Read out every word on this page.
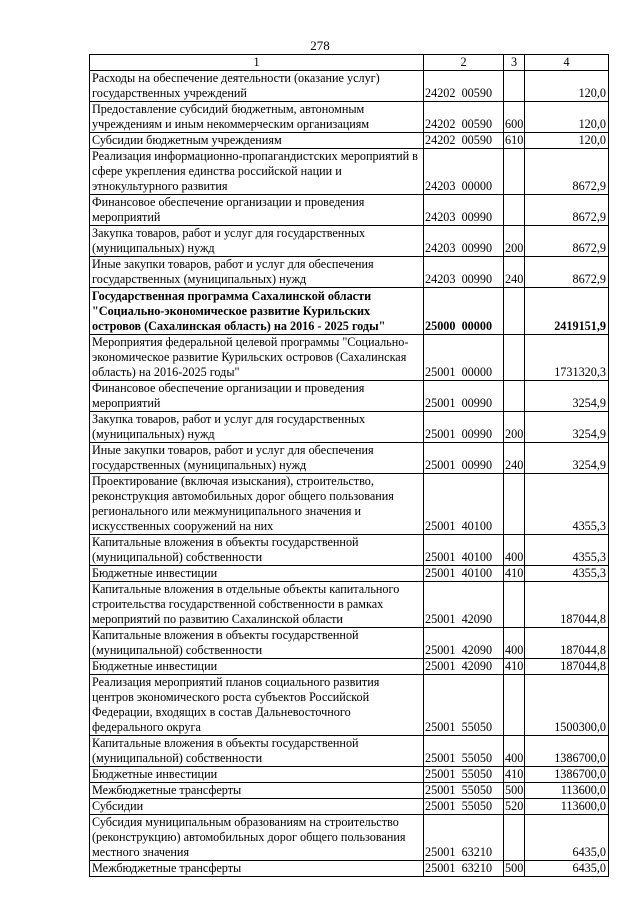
278
1	2	3	4
Расходы на обеспечение деятельности (оказание услуг) государственных учреждений	24202  00590		120,0
Предоставление субсидий бюджетным, автономным учреждениям и иным некоммерческим организациям	24202  00590	600	120,0
Субсидии бюджетным учреждениям	24202  00590	610	120,0
Реализация информационно-пропагандистских мероприятий в сфере укрепления единства российской нации и этнокультурного развития	24203  00000		8672,9
Финансовое обеспечение организации и проведения мероприятий	24203  00990		8672,9
Закупка товаров, работ и услуг для государственных (муниципальных) нужд	24203  00990	200	8672,9
Иные закупки товаров, работ и услуг для обеспечения государственных (муниципальных) нужд	24203  00990	240	8672,9
Государственная программа Сахалинской области "Социально-экономическое развитие Курильских островов (Сахалинская область) на 2016 - 2025 годы"	25000  00000		2419151,9
Мероприятия федеральной целевой программы "Социально-экономическое развитие Курильских островов (Сахалинская область) на 2016-2025 годы"	25001  00000		1731320,3
Финансовое обеспечение организации и проведения мероприятий	25001  00990		3254,9
Закупка товаров, работ и услуг для государственных (муниципальных) нужд	25001  00990	200	3254,9
Иные закупки товаров, работ и услуг для обеспечения государственных (муниципальных) нужд	25001  00990	240	3254,9
Проектирование (включая изыскания), строительство, реконструкция автомобильных дорог общего пользования регионального или межмуниципального значения и искусственных сооружений на них	25001  40100		4355,3
Капитальные вложения в объекты государственной (муниципальной) собственности	25001  40100	400	4355,3
Бюджетные инвестиции	25001  40100	410	4355,3
Капитальные вложения в отдельные объекты капитального строительства государственной собственности в рамках мероприятий по развитию Сахалинской области	25001  42090		187044,8
Капитальные вложения в объекты государственной (муниципальной) собственности	25001  42090	400	187044,8
Бюджетные инвестиции	25001  42090	410	187044,8
Реализация мероприятий планов социального развития центров экономического роста субъектов Российской Федерации, входящих в состав Дальневосточного федерального округа	25001  55050		1500300,0
Капитальные вложения в объекты государственной (муниципальной) собственности	25001  55050	400	1386700,0
Бюджетные инвестиции	25001  55050	410	1386700,0
Межбюджетные трансферты	25001  55050	500	113600,0
Субсидии	25001  55050	520	113600,0
Субсидия муниципальным образованиям на строительство (реконструкцию) автомобильных дорог общего пользования местного значения	25001  63210		6435,0
Межбюджетные трансферты	25001  63210	500	6435,0
